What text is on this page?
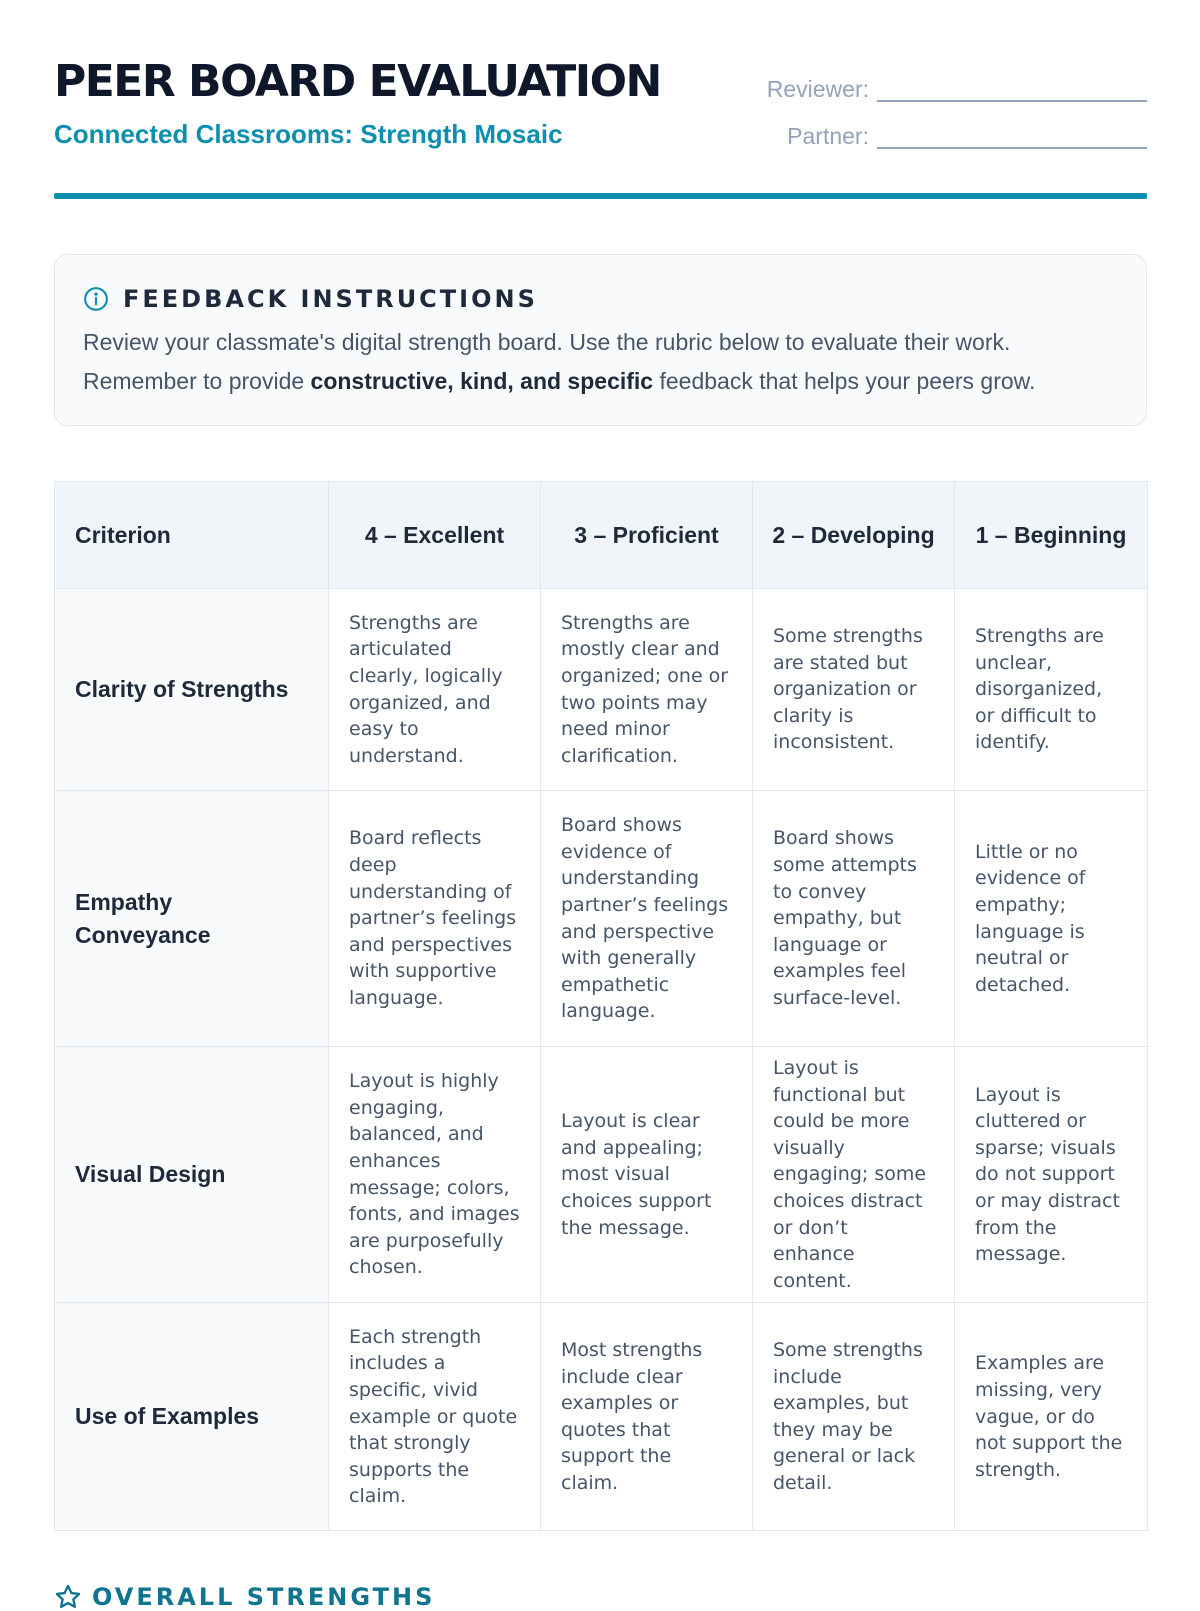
PEER BOARD EVALUATION
Connected Classrooms: Strength Mosaic
Reviewer:
Partner:
FEEDBACK INSTRUCTIONS
Review your classmate's digital strength board. Use the rubric below to evaluate their work. Remember to provide constructive, kind, and specific feedback that helps your peers grow.
Criterion	4 – Excellent	3 – Proficient	2 – Developing	1 – Beginning
Clarity of Strengths	Strengths are articulated clearly, logically organized, and easy to understand.	Strengths are mostly clear and organized; one or two points may need minor clarification.	Some strengths are stated but organization or clarity is inconsistent.	Strengths are unclear, disorganized, or difficult to identify.
Empathy Conveyance	Board reflects deep understanding of partner’s feelings and perspectives with supportive language.	Board shows evidence of understanding partner’s feelings and perspective with generally empathetic language.	Board shows some attempts to convey empathy, but language or examples feel surface-level.	Little or no evidence of empathy; language is neutral or detached.
Visual Design	Layout is highly engaging, balanced, and enhances message; colors, fonts, and images are purposefully chosen.	Layout is clear and appealing; most visual choices support the message.	Layout is functional but could be more visually engaging; some choices distract or don’t enhance content.	Layout is cluttered or sparse; visuals do not support or may distract from the message.
Use of Examples	Each strength includes a specific, vivid example or quote that strongly supports the claim.	Most strengths include clear examples or quotes that support the claim.	Some strengths include examples, but they may be general or lack detail.	Examples are missing, very vague, or do not support the strength.
OVERALL STRENGTHS
